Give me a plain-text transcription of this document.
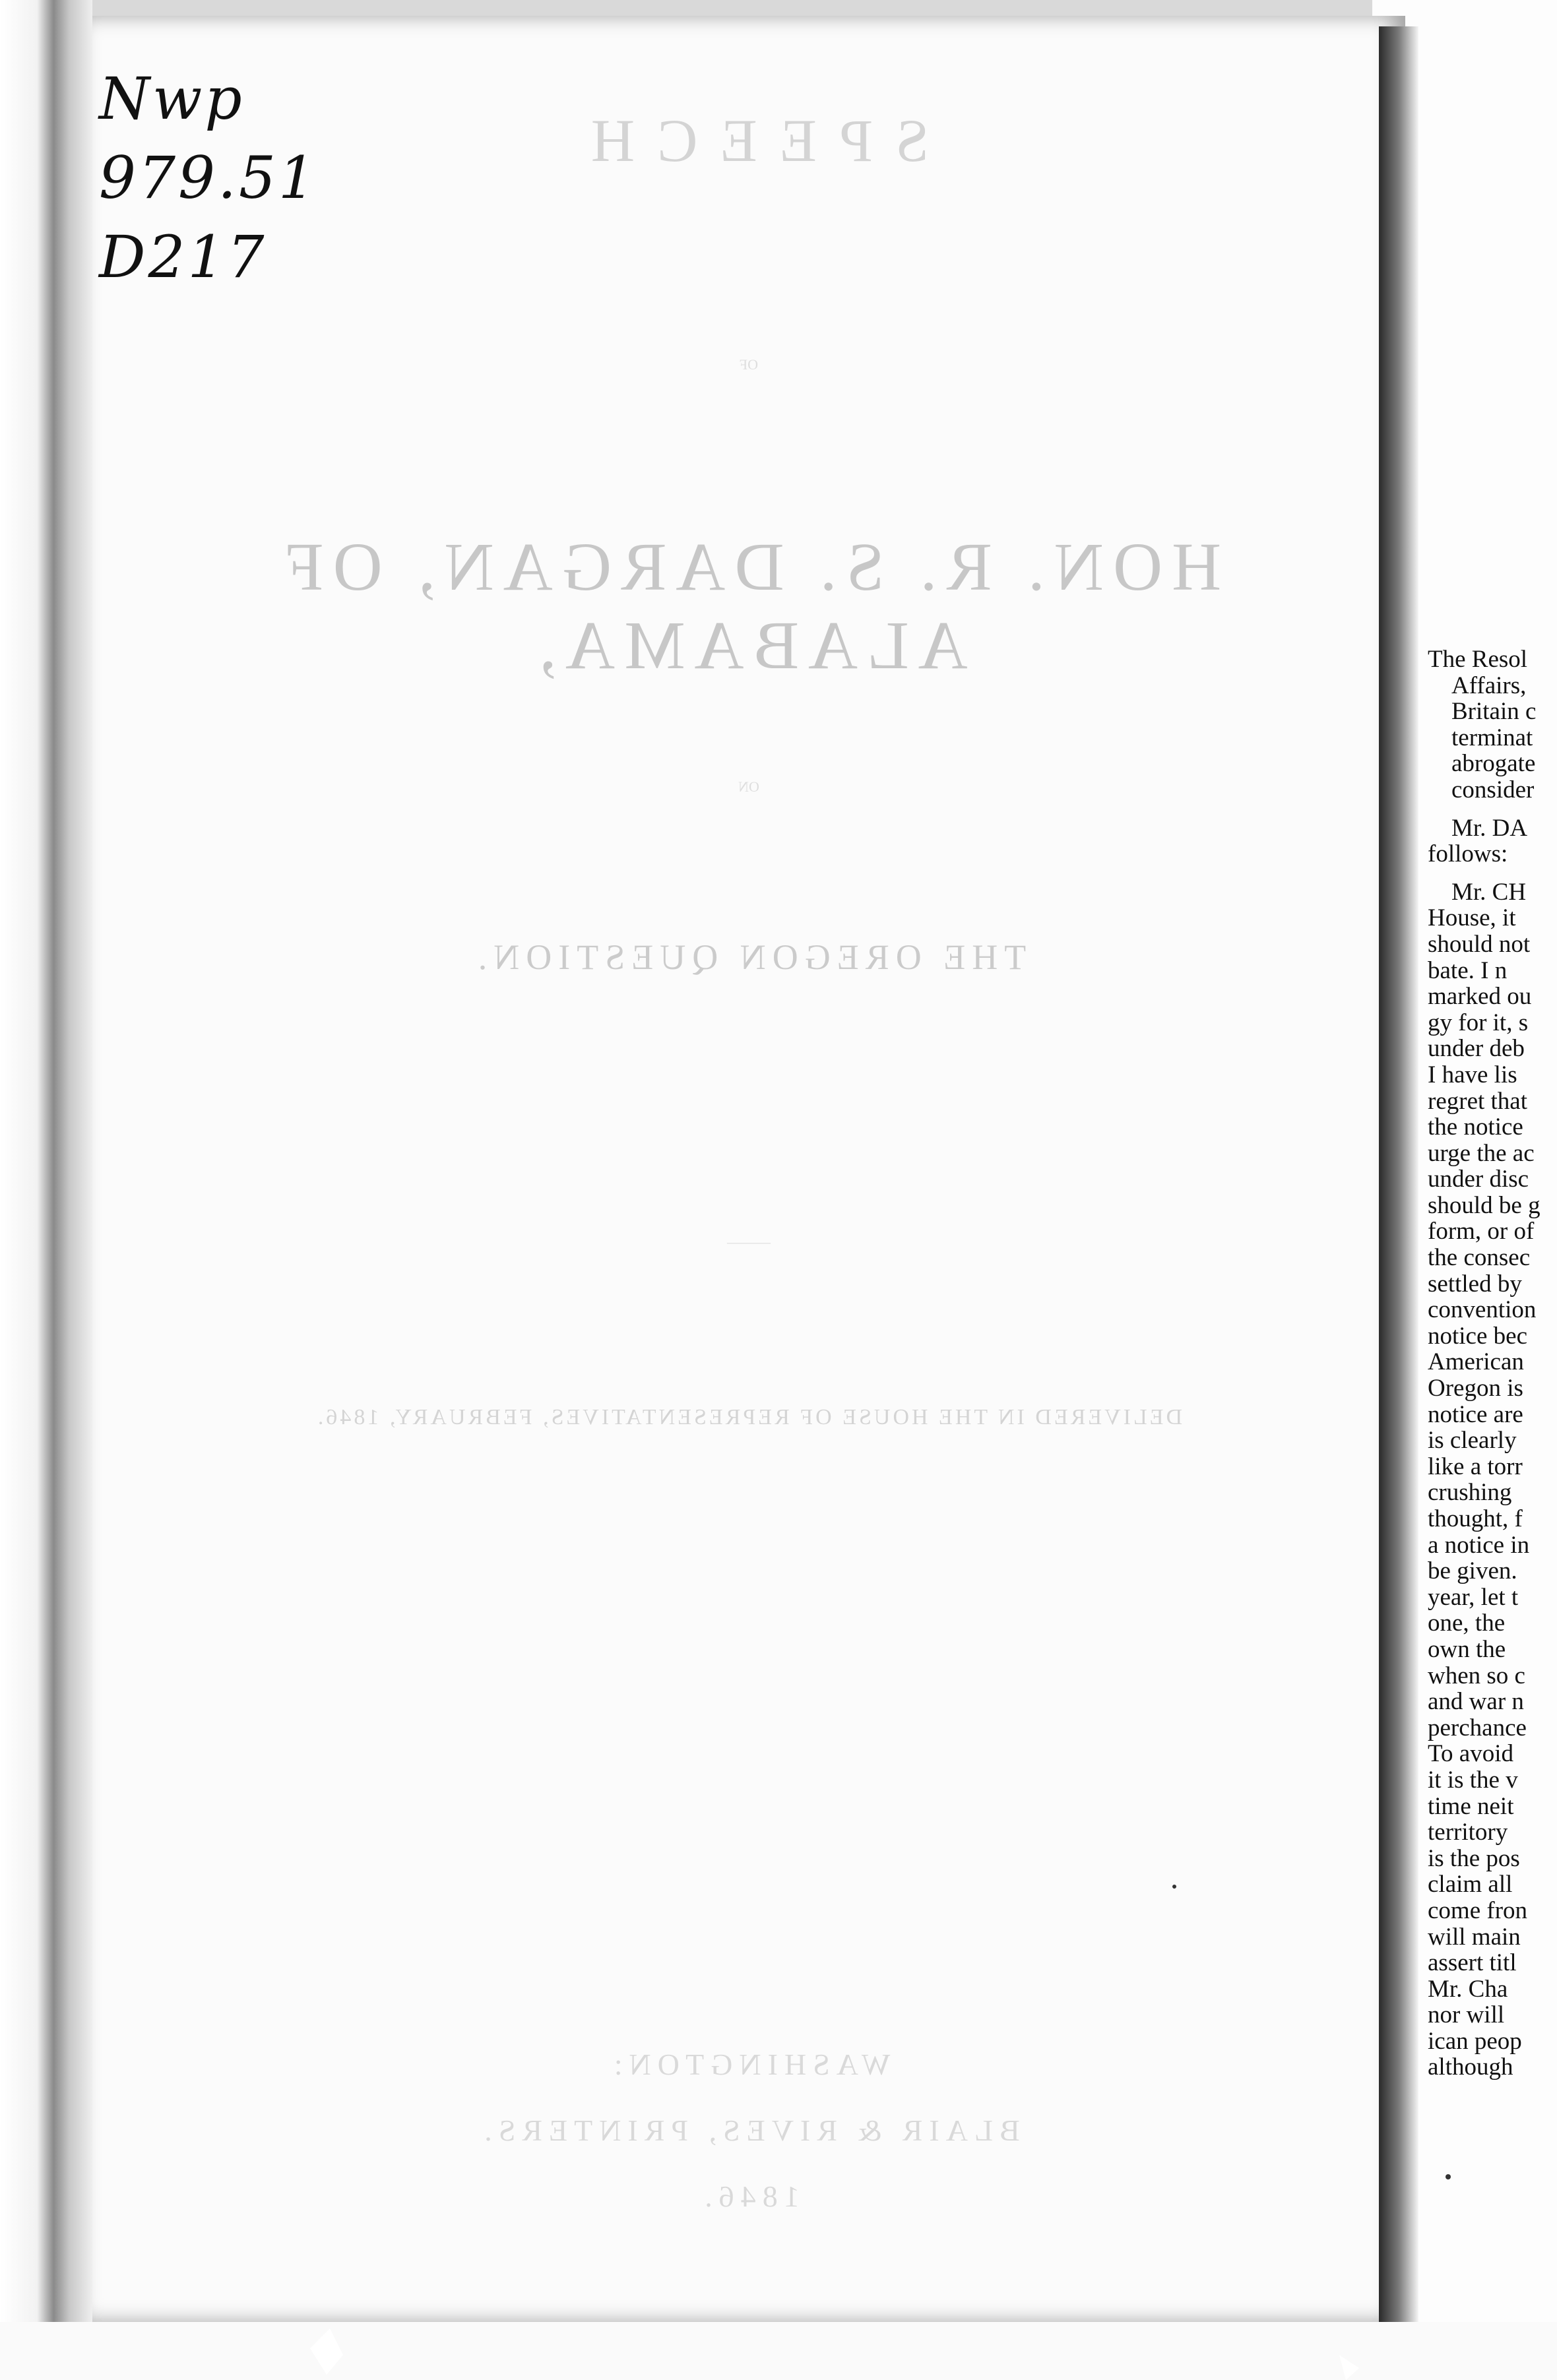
SPEECH
OF
HON. R. S. DARGAN, OF ALABAMA,
ON
THE OREGON QUESTION.
———
DELIVERED IN THE HOUSE OF REPRESENTATIVES, FEBRUARY, 1846.
WASHINGTON:
BLAIR & RIVES, PRINTERS.
1846.
Nwp
979.51
D217
The Resol
Affairs,
Britain c
terminat
abrogate
consider
Mr. DA
follows:
Mr. CH
House, it
should not
bate. I n
marked ou
gy for it, s
under deb
I have lis
regret that
the notice
urge the ac
under disc
should be g
form, or of
the consec
settled by
convention
notice bec
American
Oregon is
notice are
is clearly
like a torr
crushing
thought, f
a notice in
be given.
year, let t
one, the
own the
when so c
and war n
perchance
To avoid
it is the v
time neit
territory
is the pos
claim all
come fron
will main
assert titl
Mr. Cha
nor will
ican peop
although
